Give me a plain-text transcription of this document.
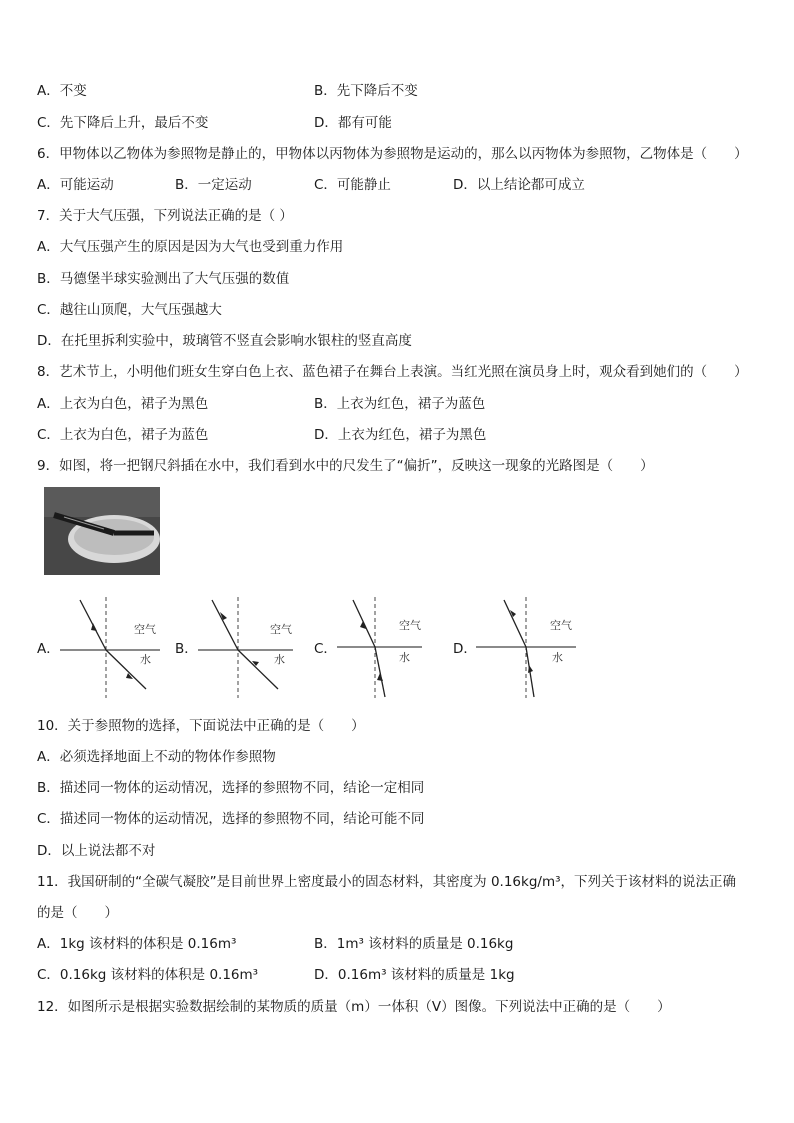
A．不变	B．先下降后不变
C．先下降后上升，最后不变	D．都有可能
6．甲物体以乙物体为参照物是静止的，甲物体以丙物体为参照物是运动的，那么以丙物体为参照物，乙物体是（　　）
A．可能运动	B．一定运动	C．可能静止	D．以上结论都可成立
7．关于大气压强，下列说法正确的是（ ）
A．大气压强产生的原因是因为大气也受到重力作用
B．马德堡半球实验测出了大气压强的数值
C．越往山顶爬，大气压强越大
D．在托里拆利实验中，玻璃管不竖直会影响水银柱的竖直高度
8．艺术节上，小明他们班女生穿白色上衣、蓝色裙子在舞台上表演。当红光照在演员身上时，观众看到她们的（　　）
A．上衣为白色，裙子为黑色	B．上衣为红色，裙子为蓝色
C．上衣为白色，裙子为蓝色	D．上衣为红色，裙子为黑色
9．如图，将一把钢尺斜插在水中，我们看到水中的尺发生了“偏折”，反映这一现象的光路图是（　　）
A．	B．	C．	D．
空气
水
空气
水
空气
水
空气
水
10．关于参照物的选择，下面说法中正确的是（　　）
A．必须选择地面上不动的物体作参照物
B．描述同一物体的运动情况，选择的参照物不同，结论一定相同
C．描述同一物体的运动情况，选择的参照物不同，结论可能不同
D．以上说法都不对
11．我国研制的“全碳气凝胶”是目前世界上密度最小的固态材料，其密度为 0.16kg/m³，下列关于该材料的说法正确
的是（　　）
A．1kg 该材料的体积是 0.16m³	B．1m³ 该材料的质量是 0.16kg
C．0.16kg 该材料的体积是 0.16m³	D．0.16m³ 该材料的质量是 1kg
12．如图所示是根据实验数据绘制的某物质的质量（m）一体积（V）图像。下列说法中正确的是（　　）
